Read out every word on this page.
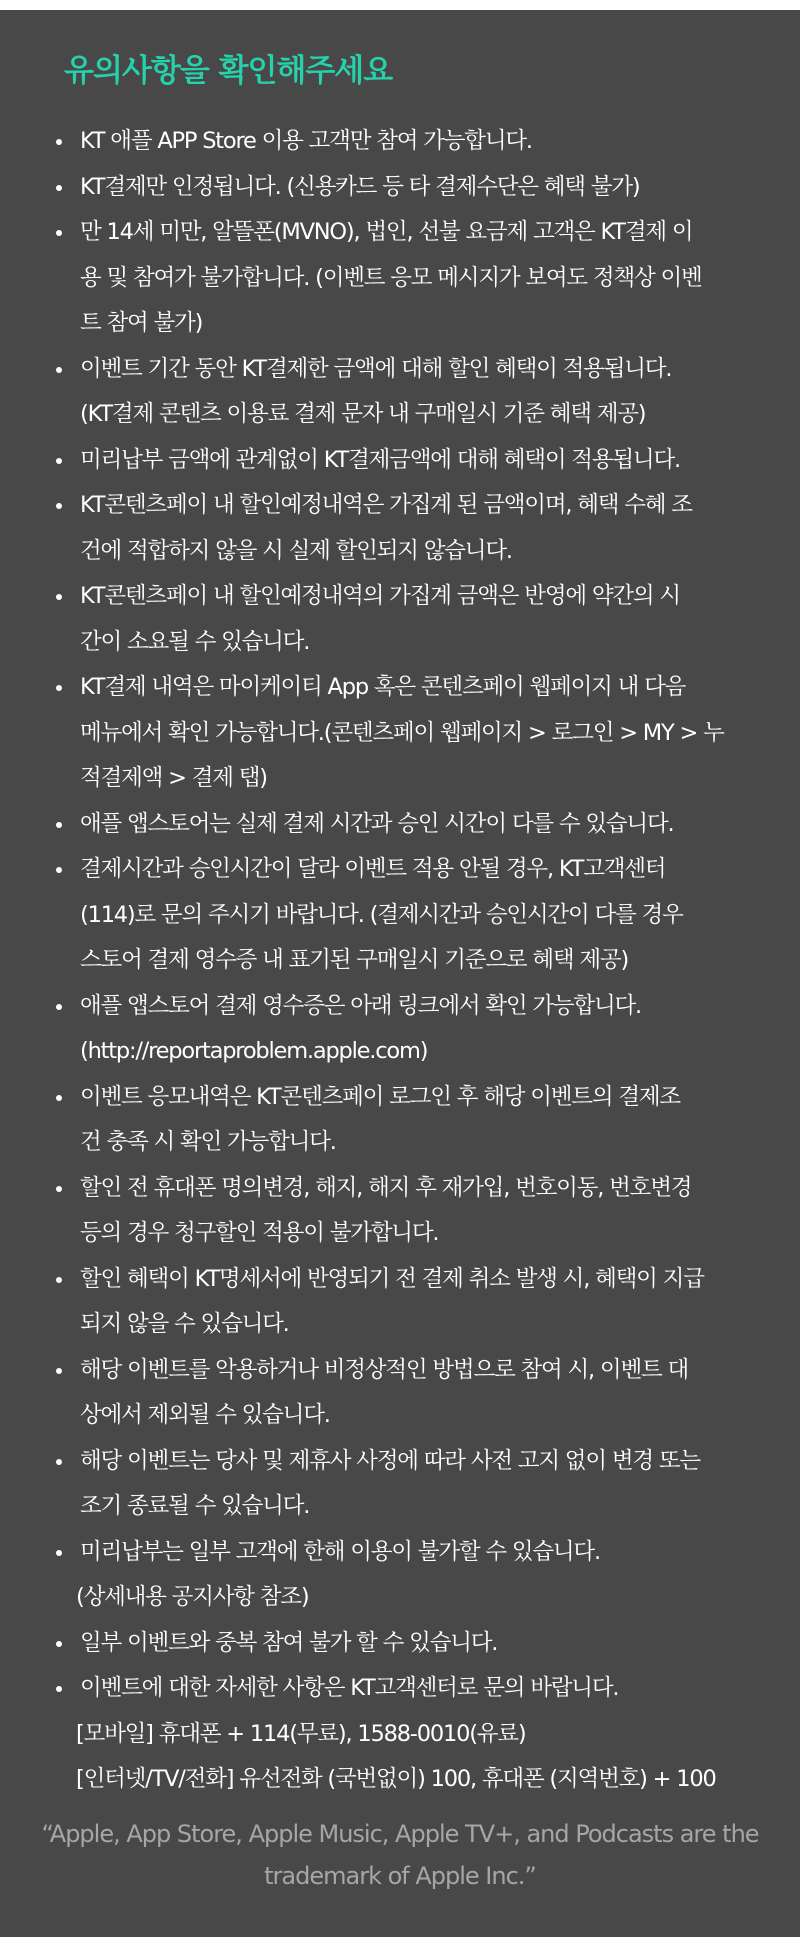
유의사항을 확인해주세요
KT 애플 APP Store 이용 고객만 참여 가능합니다.
KT결제만 인정됩니다. (신용카드 등 타 결제수단은 혜택 불가)
만 14세 미만, 알뜰폰(MVNO), 법인, 선불 요금제 고객은 KT결제 이
용 및 참여가 불가합니다. (이벤트 응모 메시지가 보여도 정책상 이벤
트 참여 불가)
이벤트 기간 동안 KT결제한 금액에 대해 할인 혜택이 적용됩니다.
(KT결제 콘텐츠 이용료 결제 문자 내 구매일시 기준 혜택 제공)
미리납부 금액에 관계없이 KT결제금액에 대해 혜택이 적용됩니다.
KT콘텐츠페이 내 할인예정내역은 가집계 된 금액이며, 혜택 수혜 조
건에 적합하지 않을 시 실제 할인되지 않습니다.
KT콘텐츠페이 내 할인예정내역의 가집계 금액은 반영에 약간의 시
간이 소요될 수 있습니다.
KT결제 내역은 마이케이티 App 혹은 콘텐츠페이 웹페이지 내 다음
메뉴에서 확인 가능합니다.(콘텐츠페이 웹페이지 > 로그인 > MY > 누
적결제액 > 결제 탭)
애플 앱스토어는 실제 결제 시간과 승인 시간이 다를 수 있습니다.
결제시간과 승인시간이 달라 이벤트 적용 안될 경우, KT고객센터
(114)로 문의 주시기 바랍니다. (결제시간과 승인시간이 다를 경우
스토어 결제 영수증 내 표기된 구매일시 기준으로 혜택 제공)
애플 앱스토어 결제 영수증은 아래 링크에서 확인 가능합니다.
(http://reportaproblem.apple.com)
이벤트 응모내역은 KT콘텐츠페이 로그인 후 해당 이벤트의 결제조
건 충족 시 확인 가능합니다.
할인 전 휴대폰 명의변경, 해지, 해지 후 재가입, 번호이동, 번호변경
등의 경우 청구할인 적용이 불가합니다.
할인 혜택이 KT명세서에 반영되기 전 결제 취소 발생 시, 혜택이 지급
되지 않을 수 있습니다.
해당 이벤트를 악용하거나 비정상적인 방법으로 참여 시, 이벤트 대
상에서 제외될 수 있습니다.
해당 이벤트는 당사 및 제휴사 사정에 따라 사전 고지 없이 변경 또는
조기 종료될 수 있습니다.
미리납부는 일부 고객에 한해 이용이 불가할 수 있습니다.
(상세내용 공지사항 참조)
일부 이벤트와 중복 참여 불가 할 수 있습니다.
이벤트에 대한 자세한 사항은 KT고객센터로 문의 바랍니다.
[모바일] 휴대폰 + 114(무료), 1588-0010(유료)
[인터넷/TV/전화] 유선전화 (국번없이) 100, 휴대폰 (지역번호) + 100

“Apple, App Store, Apple Music, Apple TV+, and Podcasts are the
trademark of Apple Inc.”
